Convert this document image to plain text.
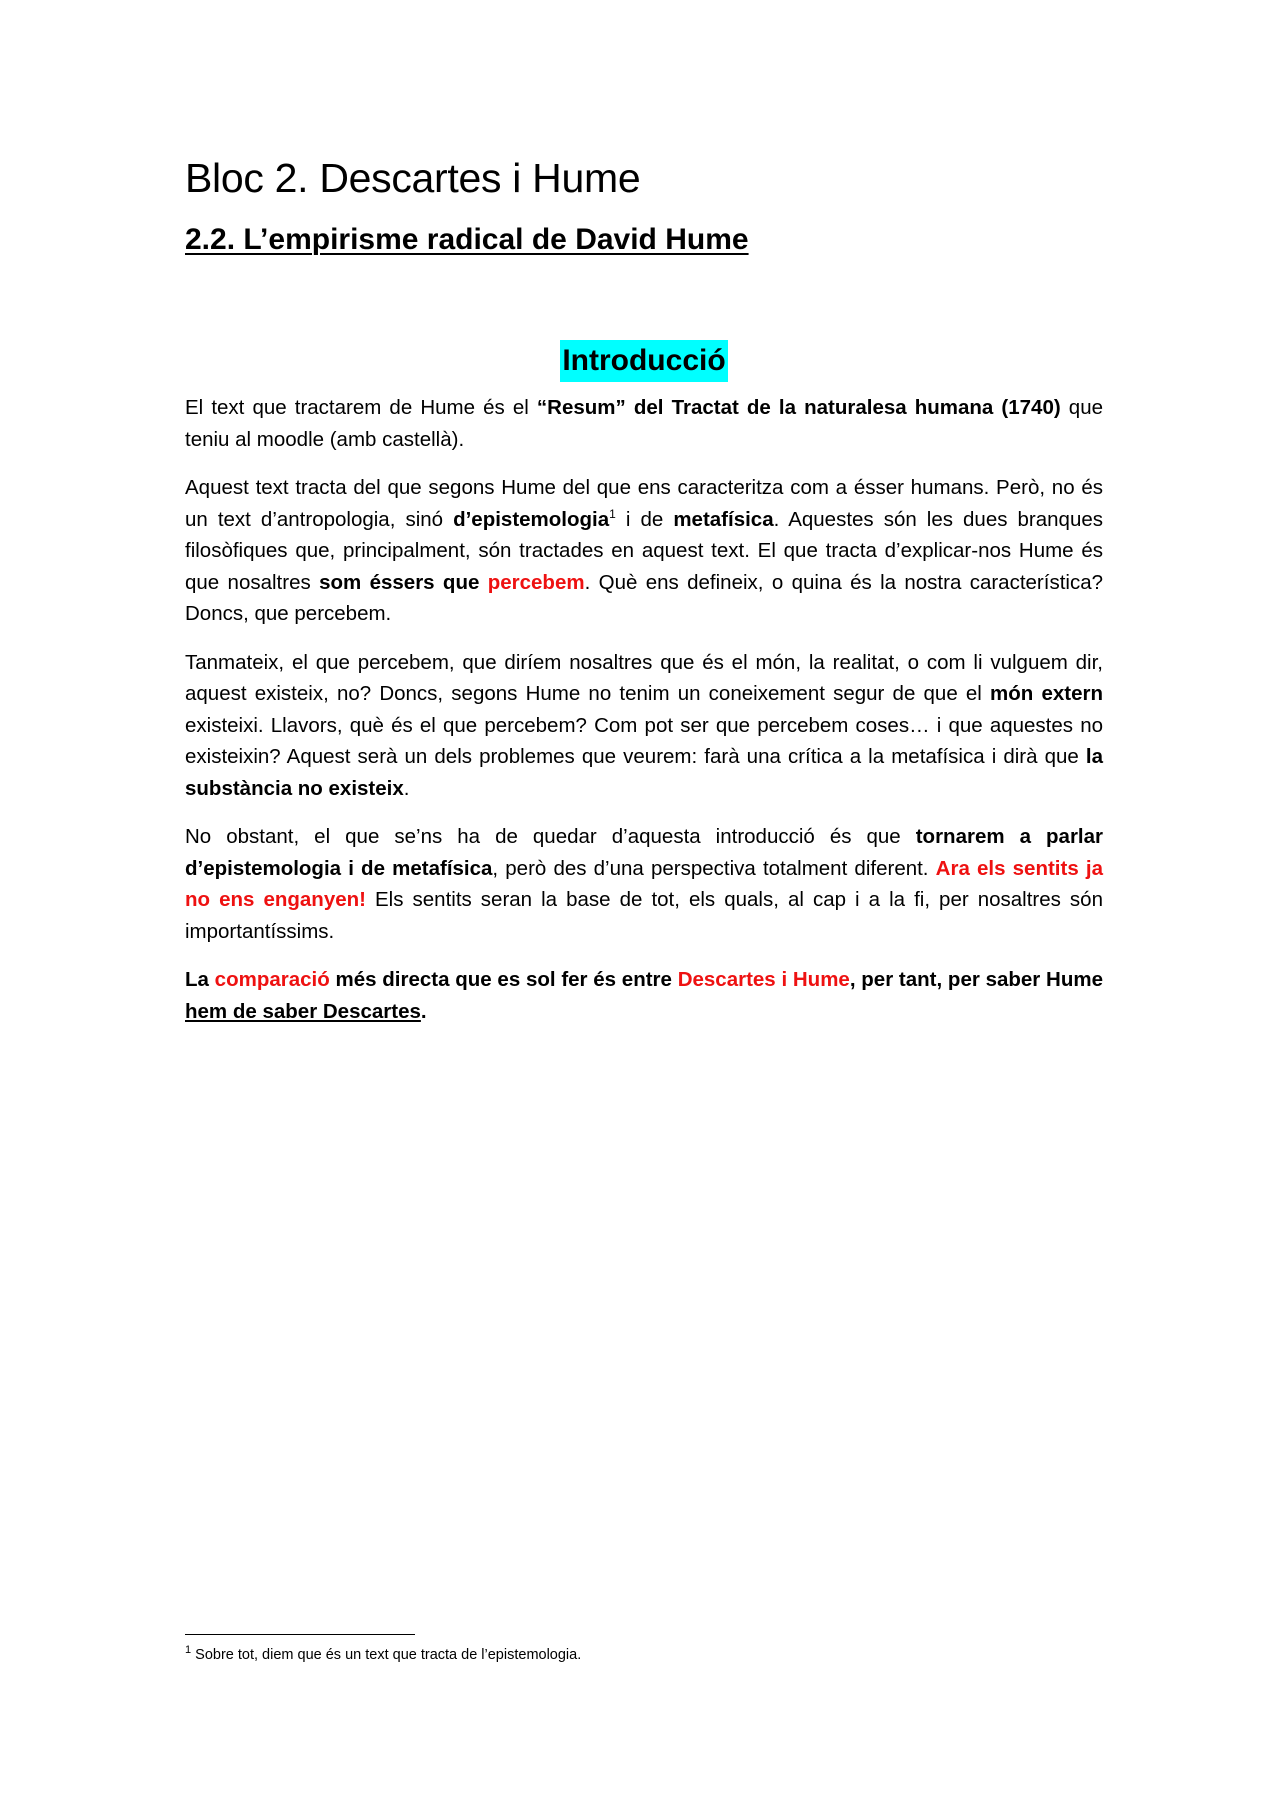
Bloc 2. Descartes i Hume
2.2. L’empirisme radical de David Hume
Introducció

El text que tractarem de Hume és el “Resum” del Tractat de la naturalesa humana (1740) que teniu al moodle (amb castellà).

Aquest text tracta del que segons Hume del que ens caracteritza com a ésser humans. Però, no és un text d’antropologia, sinó d’epistemologia$^1$ i de metafísica. Aquestes són les dues branques filosòfiques que, principalment, són tractades en aquest text. El que tracta d’explicar-nos Hume és que nosaltres som éssers que percebem. Què ens defineix, o quina és la nostra característica? Doncs, que percebem.

Tanmateix, el que percebem, que diríem nosaltres que és el món, la realitat, o com li vulguem dir, aquest existeix, no? Doncs, segons Hume no tenim un coneixement segur de que el món extern existeixi. Llavors, què és el que percebem? Com pot ser que percebem coses… i que aquestes no existeixin? Aquest serà un dels problemes que veurem: farà una crítica a la metafísica i dirà que la substància no existeix.

No obstant, el que se’ns ha de quedar d’aquesta introducció és que tornarem a parlar d’epistemologia i de metafísica, però des d’una perspectiva totalment diferent. Ara els sentits ja no ens enganyen! Els sentits seran la base de tot, els quals, al cap i a la fi, per nosaltres són importantíssims.

La comparació més directa que es sol fer és entre Descartes i Hume, per tant, per saber Hume hem de saber Descartes.

$^1$ Sobre tot, diem que és un text que tracta de l’epistemologia.
